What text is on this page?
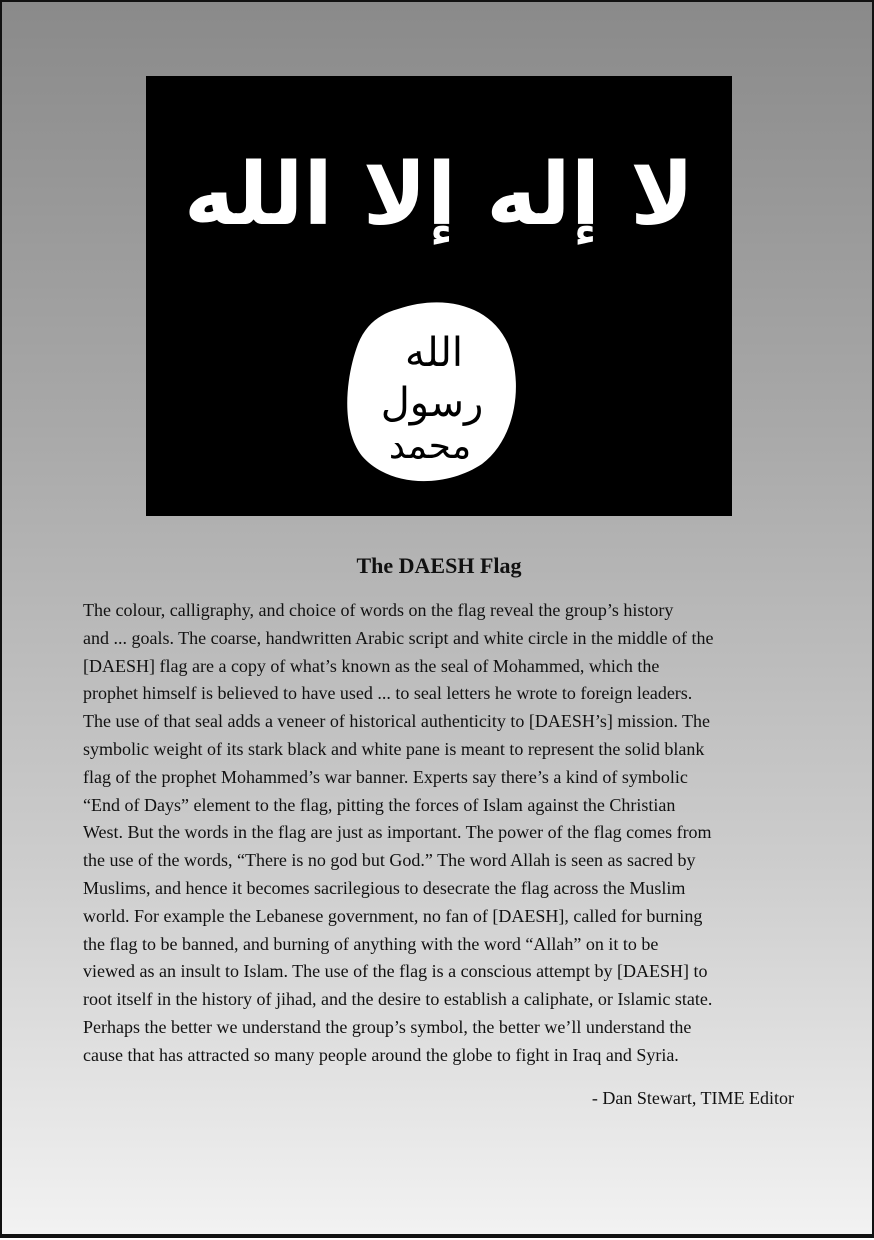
لا إله إلا الله
الله
رسول
محمد
The DAESH Flag

The colour, calligraphy, and choice of words on the flag reveal the group’s history
and ... goals. The coarse, handwritten Arabic script and white circle in the middle of the
[DAESH] flag are a copy of what’s known as the seal of Mohammed, which the
prophet himself is believed to have used ... to seal letters he wrote to foreign leaders.
The use of that seal adds a veneer of historical authenticity to [DAESH’s] mission. The
symbolic weight of its stark black and white pane is meant to represent the solid blank
flag of the prophet Mohammed’s war banner. Experts say there’s a kind of symbolic
“End of Days” element to the flag, pitting the forces of Islam against the Christian
West. But the words in the flag are just as important. The power of the flag comes from
the use of the words, “There is no god but God.” The word Allah is seen as sacred by
Muslims, and hence it becomes sacrilegious to desecrate the flag across the Muslim
world. For example the Lebanese government, no fan of [DAESH], called for burning
the flag to be banned, and burning of anything with the word “Allah” on it to be
viewed as an insult to Islam. The use of the flag is a conscious attempt by [DAESH] to
root itself in the history of jihad, and the desire to establish a caliphate, or Islamic state.
Perhaps the better we understand the group’s symbol, the better we’ll understand the
cause that has attracted so many people around the globe to fight in Iraq and Syria.

- Dan Stewart, TIME Editor
